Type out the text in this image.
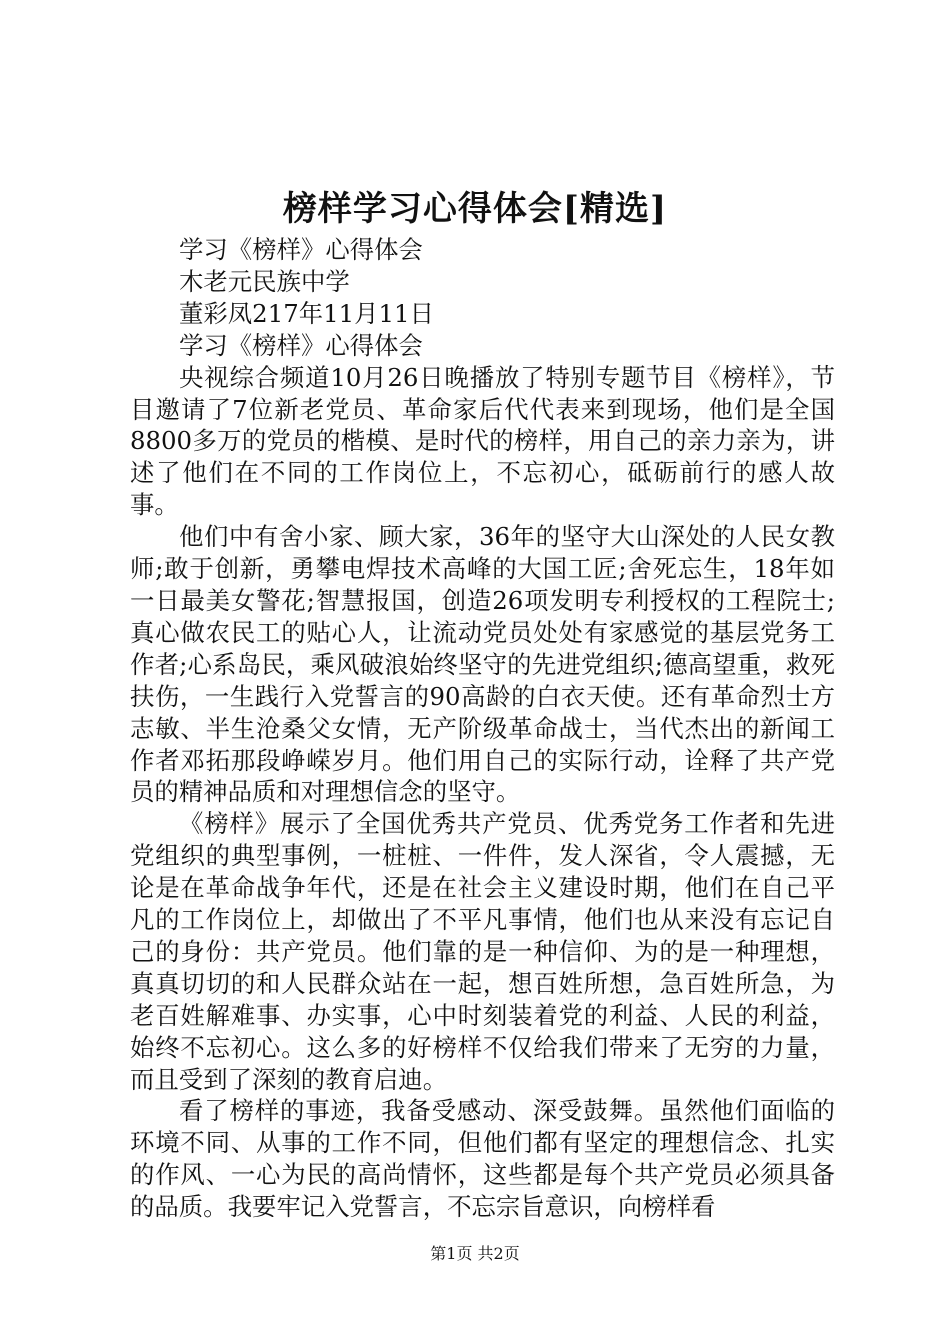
榜样学习心得体会[精选]
学习《榜样》心得体会
木老元民族中学
董彩凤217年11月11日
学习《榜样》心得体会

央视综合频道10月26日晚播放了特别专题节目《榜样》，节目邀请了7位新老党员、革命家后代代表来到现场，他们是全国8800多万的党员的楷模、是时代的榜样，用自己的亲力亲为，讲述了他们在不同的工作岗位上，不忘初心，砥砺前行的感人故事。

他们中有舍小家、顾大家，36年的坚守大山深处的人民女教师;敢于创新，勇攀电焊技术高峰的大国工匠;舍死忘生，18年如一日最美女警花;智慧报国，创造26项发明专利授权的工程院士;真心做农民工的贴心人，让流动党员处处有家感觉的基层党务工作者;心系岛民，乘风破浪始终坚守的先进党组织;德高望重，救死扶伤，一生践行入党誓言的90高龄的白衣天使。还有革命烈士方志敏、半生沧桑父女情，无产阶级革命战士，当代杰出的新闻工作者邓拓那段峥嵘岁月。他们用自己的实际行动，诠释了共产党员的精神品质和对理想信念的坚守。

《榜样》展示了全国优秀共产党员、优秀党务工作者和先进党组织的典型事例，一桩桩、一件件，发人深省，令人震撼，无论是在革命战争年代，还是在社会主义建设时期，他们在自己平凡的工作岗位上，却做出了不平凡事情，他们也从来没有忘记自己的身份：共产党员。他们靠的是一种信仰、为的是一种理想，真真切切的和人民群众站在一起，想百姓所想，急百姓所急，为老百姓解难事、办实事，心中时刻装着党的利益、人民的利益，始终不忘初心。这么多的好榜样不仅给我们带来了无穷的力量，而且受到了深刻的教育启迪。

看了榜样的事迹，我备受感动、深受鼓舞。虽然他们面临的环境不同、从事的工作不同，但他们都有坚定的理想信念、扎实的作风、一心为民的高尚情怀，这些都是每个共产党员必须具备的品质。我要牢记入党誓言，不忘宗旨意识，向榜样看

第1页 共2页
